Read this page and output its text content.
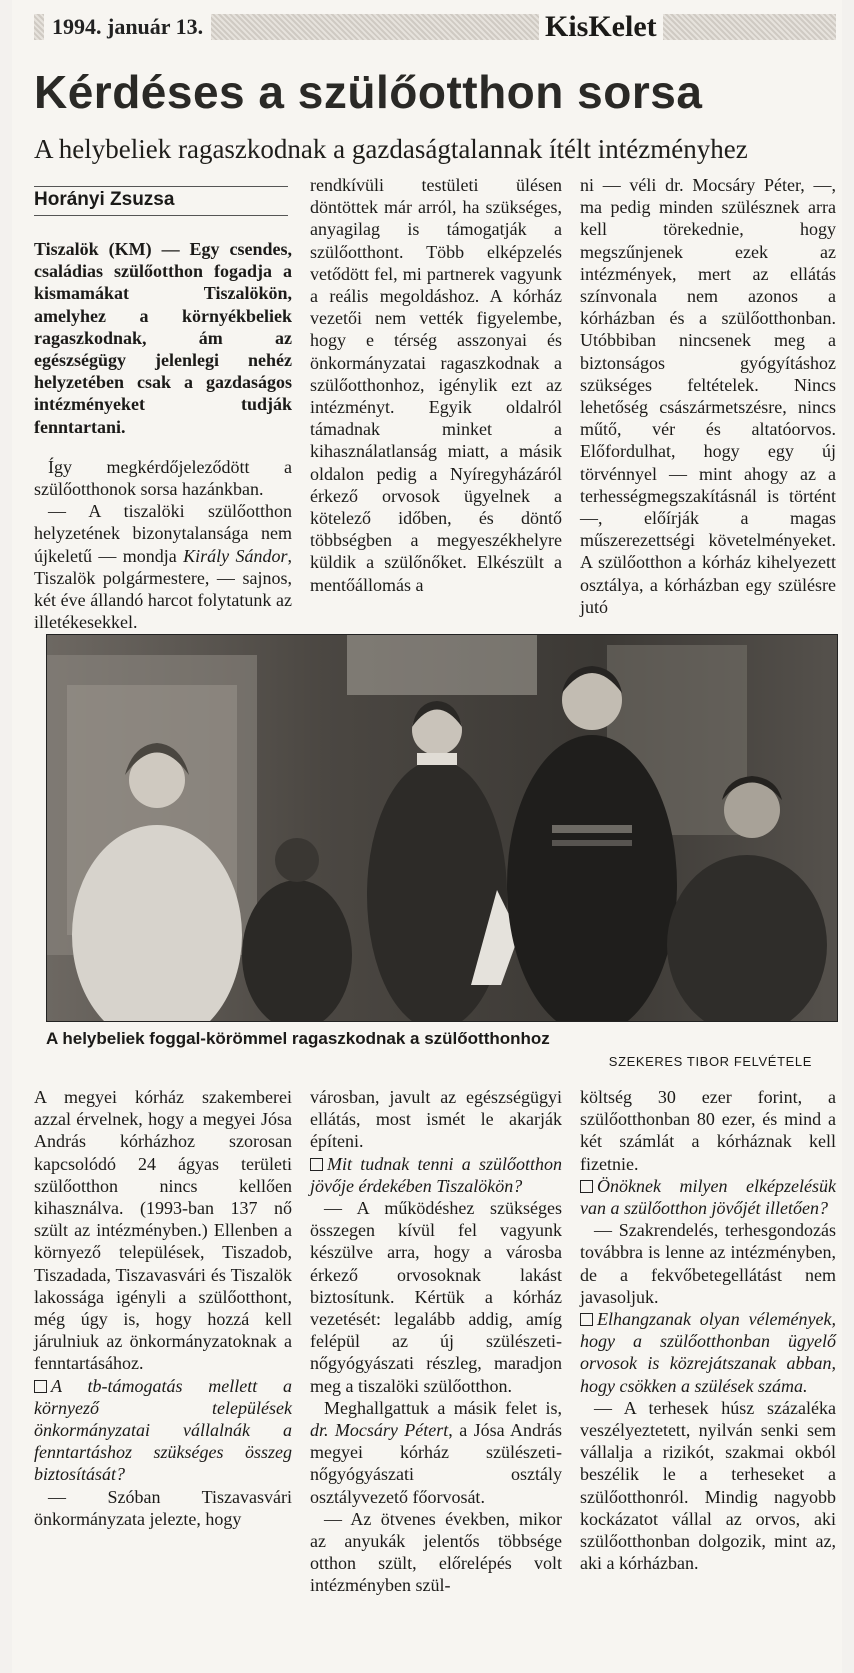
1994. január 13.	KisKelet
Kérdéses a szülőotthon sorsa
A helybeliek ragaszkodnak a gazdaságtalannak ítélt intézményhez
Horányi Zsuzsa

Tiszalök (KM) — Egy csendes, családias szülőotthon fogadja a kismamákat Tiszalökön, amelyhez a környékbeliek ragaszkodnak, ám az egészségügy jelenlegi nehéz helyzetében csak a gazdaságos intézményeket tudják fenntartani.

Így megkérdőjeleződött a szülőotthonok sorsa hazánkban.

— A tiszalöki szülőotthon helyzetének bizonytalansága nem újkeletű — mondja Király Sándor, Tiszalök polgármestere, — sajnos, két éve állandó harcot folytatunk az illetékesekkel.

rendkívüli testületi ülésen döntöttek már arról, ha szükséges, anyagilag is támogatják a szülőotthont. Több elképzelés vetődött fel, mi partnerek vagyunk a reális megoldáshoz. A kórház vezetői nem vették figyelembe, hogy e térség asszonyai és önkormányzatai ragaszkodnak a szülőotthonhoz, igénylik ezt az intézményt. Egyik oldalról támadnak minket a kihasználatlanság miatt, a másik oldalon pedig a Nyíregyházáról érkező orvosok ügyelnek a kötelező időben, és döntő többségben a megyeszékhelyre küldik a szülőnőket. Elkészült a mentőállomás a

ni — véli dr. Mocsáry Péter, —, ma pedig minden szülésznek arra kell törekednie, hogy megszűnjenek ezek az intézmények, mert az ellátás színvonala nem azonos a kórházban és a szülőotthonban. Utóbbiban nincsenek meg a biztonságos gyógyításhoz szükséges feltételek. Nincs lehetőség császármetszésre, nincs műtő, vér és altatóorvos. Előfordulhat, hogy egy új törvénnyel — mint ahogy az a terhességmegszakításnál is történt —, előírják a magas műszerezettségi követelményeket. A szülőotthon a kórház kihelyezett osztálya, a kórházban egy szülésre jutó

A helybeliek foggal-körömmel ragaszkodnak a szülőotthonhoz
SZEKERES TIBOR FELVÉTELE

A megyei kórház szakemberei azzal érvelnek, hogy a megyei Jósa András kórházhoz szorosan kapcsolódó 24 ágyas területi szülőotthon nincs kellően kihasználva. (1993-ban 137 nő szült az intézményben.) Ellenben a környező települések, Tiszadob, Tiszadada, Tiszavasvári és Tiszalök lakossága igényli a szülőotthont, még úgy is, hogy hozzá kell járulniuk az önkormányzatoknak a fenntartásához.

A tb-támogatás mellett a környező települések önkormányzatai vállalnák a fenntartáshoz szükséges összeg biztosítását?

— Szóban Tiszavasvári önkormányzata jelezte, hogy

városban, javult az egészségügyi ellátás, most ismét le akarják építeni.

Mit tudnak tenni a szülőotthon jövője érdekében Tiszalökön?

— A működéshez szükséges összegen kívül fel vagyunk készülve arra, hogy a városba érkező orvosoknak lakást biztosítunk. Kértük a kórház vezetését: legalább addig, amíg felépül az új szülészeti-nőgyógyászati részleg, maradjon meg a tiszalöki szülőotthon.

Meghallgattuk a másik felet is, dr. Mocsáry Pétert, a Jósa András megyei kórház szülészeti-nőgyógyászati osztály osztályvezető főorvosát.

— Az ötvenes években, mikor az anyukák jelentős többsége otthon szült, előrelépés volt intézményben szül-

költség 30 ezer forint, a szülőotthonban 80 ezer, és mind a két számlát a kórháznak kell fizetnie.

Önöknek milyen elképzelésük van a szülőotthon jövőjét illetően?

— Szakrendelés, terhesgondozás továbbra is lenne az intézményben, de a fekvőbetegellátást nem javasoljuk.

Elhangzanak olyan vélemények, hogy a szülőotthonban ügyelő orvosok is közrejátszanak abban, hogy csökken a szülések száma.

— A terhesek húsz százaléka veszélyeztetett, nyilván senki sem vállalja a rizikót, szakmai okból beszélik le a terheseket a szülőotthonról. Mindig nagyobb kockázatot vállal az orvos, aki szülőotthonban dolgozik, mint az, aki a kórházban.
